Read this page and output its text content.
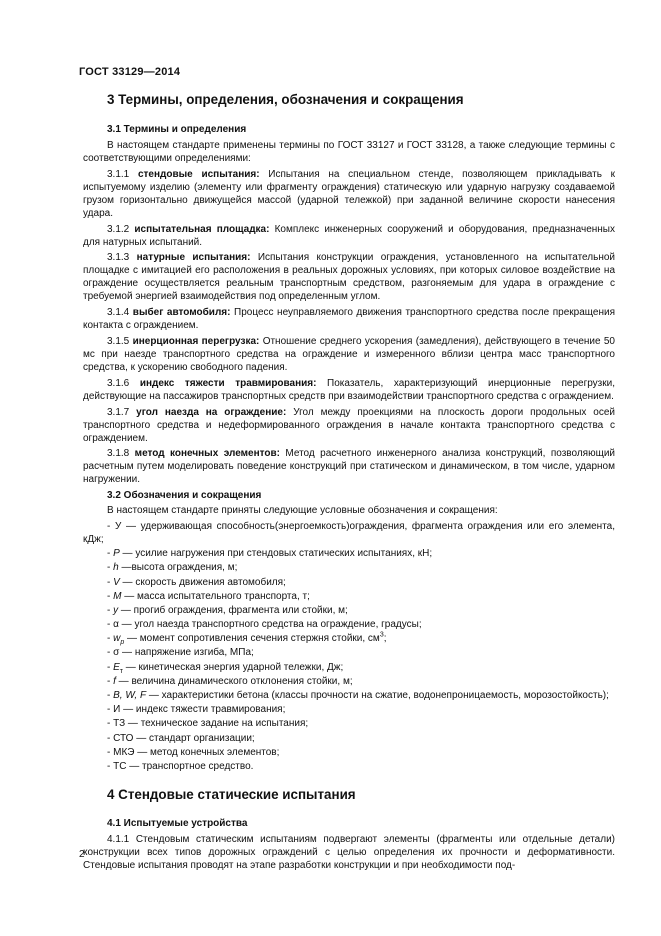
ГОСТ 33129—2014
3 Термины, определения, обозначения и сокращения
3.1 Термины и определения
В настоящем стандарте применены термины по ГОСТ 33127 и ГОСТ 33128, а также следующие термины с соответствующими определениями:
3.1.1 стендовые испытания: Испытания на специальном стенде, позволяющем прикладывать к испытуемому изделию (элементу или фрагменту ограждения) статическую или ударную нагрузку создаваемой грузом горизонтально движущейся массой (ударной тележкой) при заданной величине скорости нанесения удара.
3.1.2 испытательная площадка: Комплекс инженерных сооружений и оборудования, предназначенных для натурных испытаний.
3.1.3 натурные испытания: Испытания конструкции ограждения, установленного на испытательной площадке с имитацией его расположения в реальных дорожных условиях, при которых силовое воздействие на ограждение осуществляется реальным транспортным средством, разгоняемым для удара в ограждение с требуемой энергией взаимодействия под определенным углом.
3.1.4 выбег автомобиля: Процесс неуправляемого движения транспортного средства после прекращения контакта с ограждением.
3.1.5 инерционная перегрузка: Отношение среднего ускорения (замедления), действующего в течение 50 мс при наезде транспортного средства на ограждение и измеренного вблизи центра масс транспортного средства, к ускорению свободного падения.
3.1.6 индекс тяжести травмирования: Показатель, характеризующий инерционные перегрузки, действующие на пассажиров транспортных средств при взаимодействии транспортного средства с ограждением.
3.1.7 угол наезда на ограждение: Угол между проекциями на плоскость дороги продольных осей транспортного средства и недеформированного ограждения в начале контакта транспортного средства с ограждением.
3.1.8 метод конечных элементов: Метод расчетного инженерного анализа конструкций, позволяющий расчетным путем моделировать поведение конструкций при статическом и динамическом, в том числе, ударном нагружении.
3.2 Обозначения и сокращения
В настоящем стандарте приняты следующие условные обозначения и сокращения:
- У — удерживающая способность(энергоемкость)ограждения, фрагмента ограждения или его элемента, кДж;
- P — усилие нагружения при стендовых статических испытаниях, кН;
- h —высота ограждения, м;
- V — скорость движения автомобиля;
- M — масса испытательного транспорта, т;
- y — прогиб ограждения, фрагмента или стойки, м;
- α — угол наезда транспортного средства на ограждение, градусы;
- $w_p$ — момент сопротивления сечения стержня стойки, $см^3$;
- σ — напряжение изгиба, МПа;
- $E_т$ — кинетическая энергия ударной тележки, Дж;
- f — величина динамического отклонения стойки, м;
- B, W, F — характеристики бетона (классы прочности на сжатие, водонепроницаемость, морозостойкость);
- И — индекс тяжести травмирования;
- ТЗ — техническое задание на испытания;
- СТО — стандарт организации;
- МКЭ — метод конечных элементов;
- ТС — транспортное средство.
4 Стендовые статические испытания
4.1 Испытуемые устройства
4.1.1 Стендовым статическим испытаниям подвергают элементы (фрагменты или отдельные детали) конструкции всех типов дорожных ограждений с целью определения их прочности и деформативности. Стендовые испытания проводят на этапе разработки конструкции и при необходимости под-
2
